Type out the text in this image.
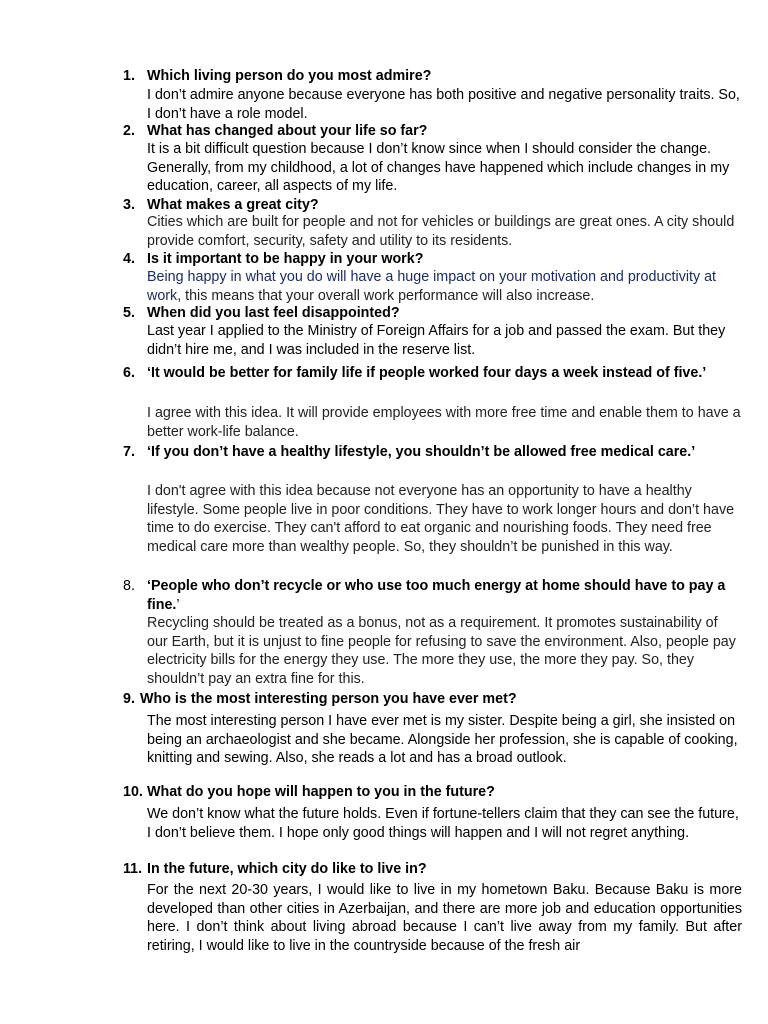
1. Which living person do you most admire?
I don’t admire anyone because everyone has both positive and negative personality traits. So, I don’t have a role model.
2. What has changed about your life so far?
It is a bit difficult question because I don’t know since when I should consider the change. Generally, from my childhood, a lot of changes have happened which include changes in my education, career, all aspects of my life.
3. What makes a great city?
Cities which are built for people and not for vehicles or buildings are great ones. A city should provide comfort, security, safety and utility to its residents.
4. Is it important to be happy in your work?
Being happy in what you do will have a huge impact on your motivation and productivity at work, this means that your overall work performance will also increase.
5. When did you last feel disappointed?
Last year I applied to the Ministry of Foreign Affairs for a job and passed the exam. But they didn’t hire me, and I was included in the reserve list.
6. ‘It would be better for family life if people worked four days a week instead of five.’
I agree with this idea. It will provide employees with more free time and enable them to have a better work-life balance.
7. ‘If you don’t have a healthy lifestyle, you shouldn’t be allowed free medical care.’
I don't agree with this idea because not everyone has an opportunity to have a healthy lifestyle. Some people live in poor conditions. They have to work longer hours and don’t have time to do exercise. They can't afford to eat organic and nourishing foods. They need free medical care more than wealthy people. So, they shouldn’t be punished in this way.
8. ‘People who don’t recycle or who use too much energy at home should have to pay a fine.’
Recycling should be treated as a bonus, not as a requirement. It promotes sustainability of our Earth, but it is unjust to fine people for refusing to save the environment. Also, people pay electricity bills for the energy they use. The more they use, the more they pay. So, they shouldn’t pay an extra fine for this.
9. Who is the most interesting person you have ever met?
The most interesting person I have ever met is my sister. Despite being a girl, she insisted on being an archaeologist and she became. Alongside her profession, she is capable of cooking, knitting and sewing. Also, she reads a lot and has a broad outlook.
10. What do you hope will happen to you in the future?
We don’t know what the future holds. Even if fortune-tellers claim that they can see the future, I don’t believe them. I hope only good things will happen and I will not regret anything.
11. In the future, which city do like to live in?
For the next 20-30 years, I would like to live in my hometown Baku. Because Baku is more developed than other cities in Azerbaijan, and there are more job and education opportunities here. I don’t think about living abroad because I can’t live away from my family. But after retiring, I would like to live in the countryside because of the fresh air
